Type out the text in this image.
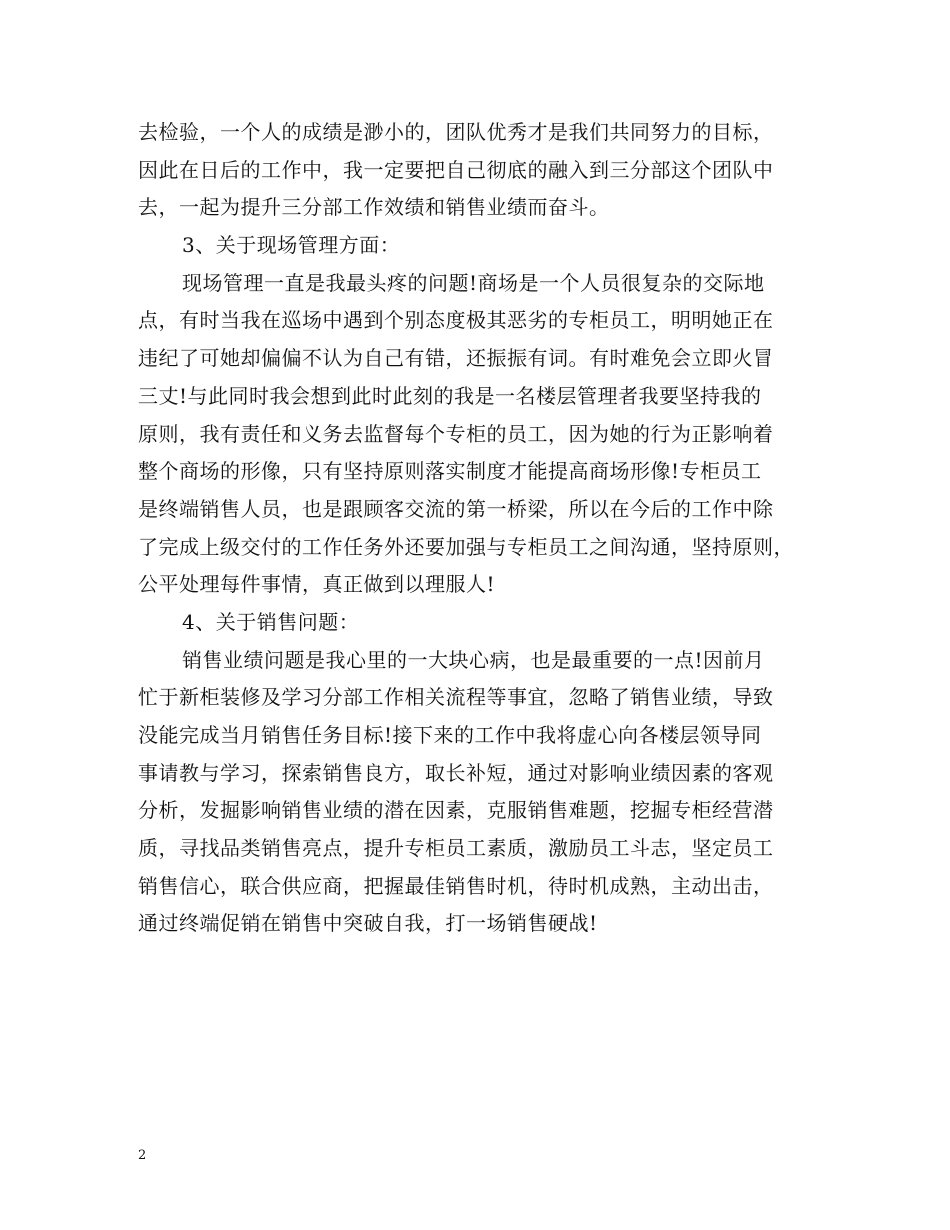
去检验，一个人的成绩是渺小的，团队优秀才是我们共同努力的目标，
因此在日后的工作中，我一定要把自己彻底的融入到三分部这个团队中
去，一起为提升三分部工作效绩和销售业绩而奋斗。
3、关于现场管理方面：
现场管理一直是我最头疼的问题!商场是一个人员很复杂的交际地
点，有时当我在巡场中遇到个别态度极其恶劣的专柜员工，明明她正在
违纪了可她却偏偏不认为自己有错，还振振有词。有时难免会立即火冒
三丈!与此同时我会想到此时此刻的我是一名楼层管理者我要坚持我的
原则，我有责任和义务去监督每个专柜的员工，因为她的行为正影响着
整个商场的形像，只有坚持原则落实制度才能提高商场形像!专柜员工
是终端销售人员，也是跟顾客交流的第一桥梁，所以在今后的工作中除
了完成上级交付的工作任务外还要加强与专柜员工之间沟通，坚持原则，
公平处理每件事情，真正做到以理服人!
4、关于销售问题：
销售业绩问题是我心里的一大块心病，也是最重要的一点!因前月
忙于新柜装修及学习分部工作相关流程等事宜，忽略了销售业绩，导致
没能完成当月销售任务目标!接下来的工作中我将虚心向各楼层领导同
事请教与学习，探索销售良方，取长补短，通过对影响业绩因素的客观
分析，发掘影响销售业绩的潜在因素，克服销售难题，挖掘专柜经营潜
质，寻找品类销售亮点，提升专柜员工素质，激励员工斗志，坚定员工
销售信心，联合供应商，把握最佳销售时机，待时机成熟，主动出击，
通过终端促销在销售中突破自我，打一场销售硬战!
2
